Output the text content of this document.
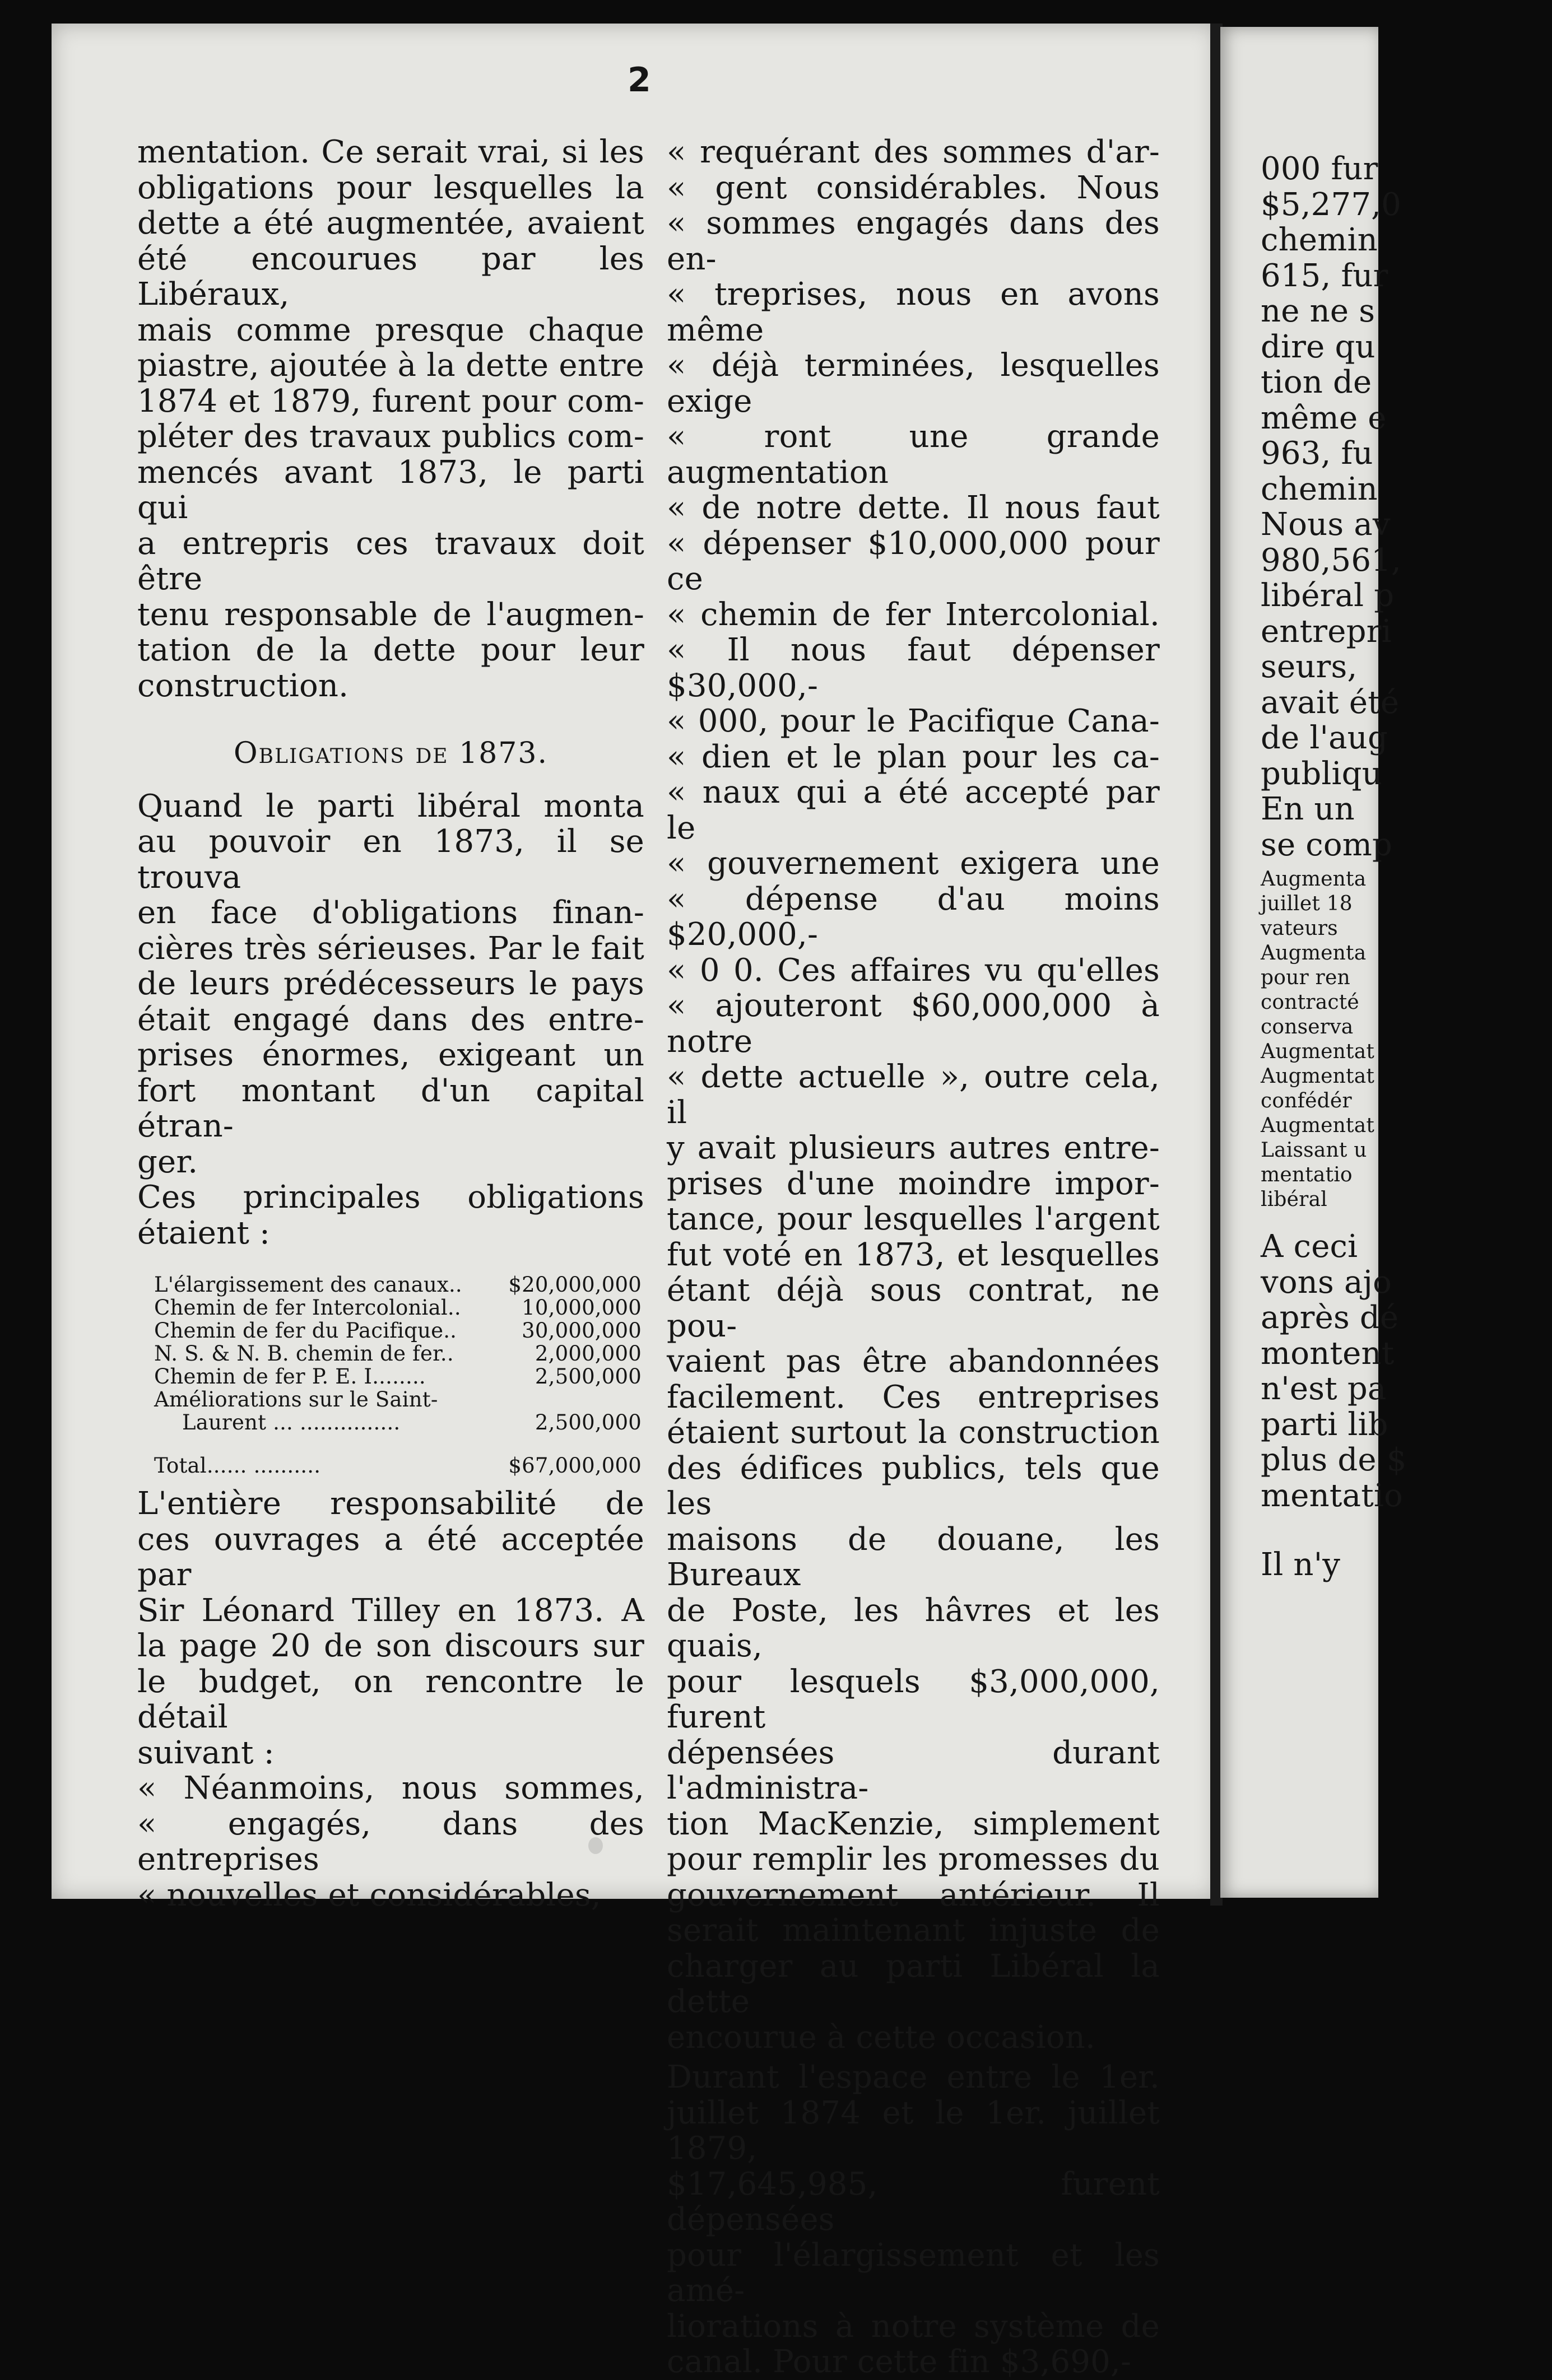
2
mentation. Ce serait vrai, si les
obligations pour lesquelles la
dette a été augmentée, avaient
été encourues par les Libéraux,
mais comme presque chaque
piastre, ajoutée à la dette entre
1874 et 1879, furent pour com-
pléter des travaux publics com-
mencés avant 1873, le parti qui
a entrepris ces travaux doit être
tenu responsable de l'augmen-
tation de la dette pour leur
construction.
Obligations de 1873.
Quand le parti libéral monta
au pouvoir en 1873, il se trouva
en face d'obligations finan-
cières très sérieuses. Par le fait
de leurs prédécesseurs le pays
était engagé dans des entre-
prises énormes, exigeant un
fort montant d'un capital étran-
ger.
Ces principales obligations
étaient :
L'élargissement des canaux.. $20,000,000
Chemin de fer Intercolonial..	10,000,000
Chemin de fer du Pacifique..	30,000,000
N. S. & N. B. chemin de fer..	2,000,000
Chemin de fer P. E. I........	2,500,000
Améliorations sur le Saint-
Laurent ... ...............	2,500,000
Total...... ..........	$67,000,000
L'entière responsabilité de
ces ouvrages a été acceptée par
Sir Léonard Tilley en 1873. A
la page 20 de son discours sur
le budget, on rencontre le détail
suivant :
« Néanmoins, nous sommes,
« engagés, dans des entreprises
« nouvelles et considérables,
« requérant des sommes d'ar-
« gent considérables. Nous
« sommes engagés dans des en-
« treprises, nous en avons même
« déjà terminées, lesquelles exige
« ront une grande augmentation
« de notre dette. Il nous faut
« dépenser $10,000,000 pour ce
« chemin de fer Intercolonial.
« Il nous faut dépenser $30,000,-
« 000, pour le Pacifique Cana-
« dien et le plan pour les ca-
« naux qui a été accepté par le
« gouvernement exigera une
« dépense d'au moins $20,000,-
« 0 0. Ces affaires vu qu'elles
« ajouteront $60,000,000 à notre
« dette actuelle », outre cela, il
y avait plusieurs autres entre-
prises d'une moindre impor-
tance, pour lesquelles l'argent
fut voté en 1873, et lesquelles
étant déjà sous contrat, ne pou-
vaient pas être abandonnées
facilement. Ces entreprises
étaient surtout la construction
des édifices publics, tels que les
maisons de douane, les Bureaux
de Poste, les hâvres et les quais,
pour lesquels $3,000,000, furent
dépensées durant l'administra-
tion MacKenzie, simplement
pour remplir les promesses du
gouvernement antérieur. Il
serait maintenant injuste de
charger au parti Libéral la dette
encourue à cette occasion.
Durant l'espace entre le 1er.
juillet 1874 et le 1er. juillet 1879,
$17,645,985, furent dépensées
pour l'élargissement et les amé-
liorations à notre système de
canal. Pour cette fin $3,690,-
000 fur
$5,277,0
chemin
615, fur
ne ne s
dire qu
tion de
même e
963, fu
chemin
Nous av
980,561,
libéral p
entrepri
seurs,
avait été
de l'aug
publiqu
En un
se comp
Augmenta
juillet 18
vateurs
Augmenta
pour ren
contracté
conserva
Augmentat
Augmentat
confédér
Augmentat
Laissant u
mentatio
libéral
A ceci
vons ajo
après dé
montent
n'est pa
parti lib
plus de $
mentatio
Il n'y
